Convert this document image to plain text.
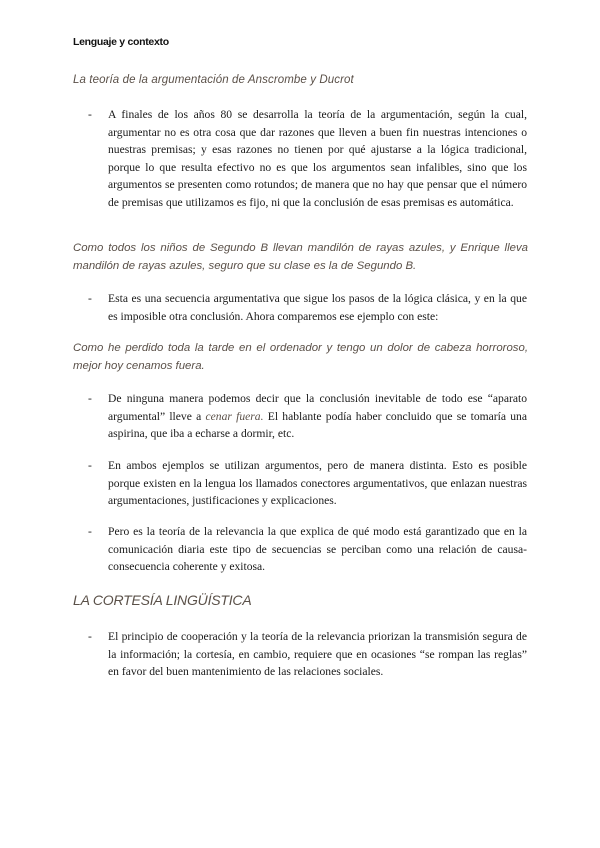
Lenguaje y contexto
La teoría de la argumentación de Anscrombe y Ducrot
- A finales de los años 80 se desarrolla la teoría de la argumentación, según la cual, argumentar no es otra cosa que dar razones que lleven a buen fin nuestras intenciones o nuestras premisas; y esas razones no tienen por qué ajustarse a la lógica tradicional, porque lo que resulta efectivo no es que los argumentos sean infalibles, sino que los argumentos se presenten como rotundos; de manera que no hay que pensar que el número de premisas que utilizamos es fijo, ni que la conclusión de esas premisas es automática.
Como todos los niños de Segundo B llevan mandilón de rayas azules, y Enrique lleva mandilón de rayas azules, seguro que su clase es la de Segundo B.
- Esta es una secuencia argumentativa que sigue los pasos de la lógica clásica, y en la que es imposible otra conclusión. Ahora comparemos ese ejemplo con este:
Como he perdido toda la tarde en el ordenador y tengo un dolor de cabeza horroroso, mejor hoy cenamos fuera.
- De ninguna manera podemos decir que la conclusión inevitable de todo ese “aparato argumental” lleve a cenar fuera. El hablante podía haber concluido que se tomaría una aspirina, que iba a echarse a dormir, etc.
- En ambos ejemplos se utilizan argumentos, pero de manera distinta. Esto es posible porque existen en la lengua los llamados conectores argumentativos, que enlazan nuestras argumentaciones, justificaciones y explicaciones.
- Pero es la teoría de la relevancia la que explica de qué modo está garantizado que en la comunicación diaria este tipo de secuencias se perciban como una relación de causa-consecuencia coherente y exitosa.
LA CORTESÍA LINGÜÍSTICA
- El principio de cooperación y la teoría de la relevancia priorizan la transmisión segura de la información; la cortesía, en cambio, requiere que en ocasiones “se rompan las reglas” en favor del buen mantenimiento de las relaciones sociales.
